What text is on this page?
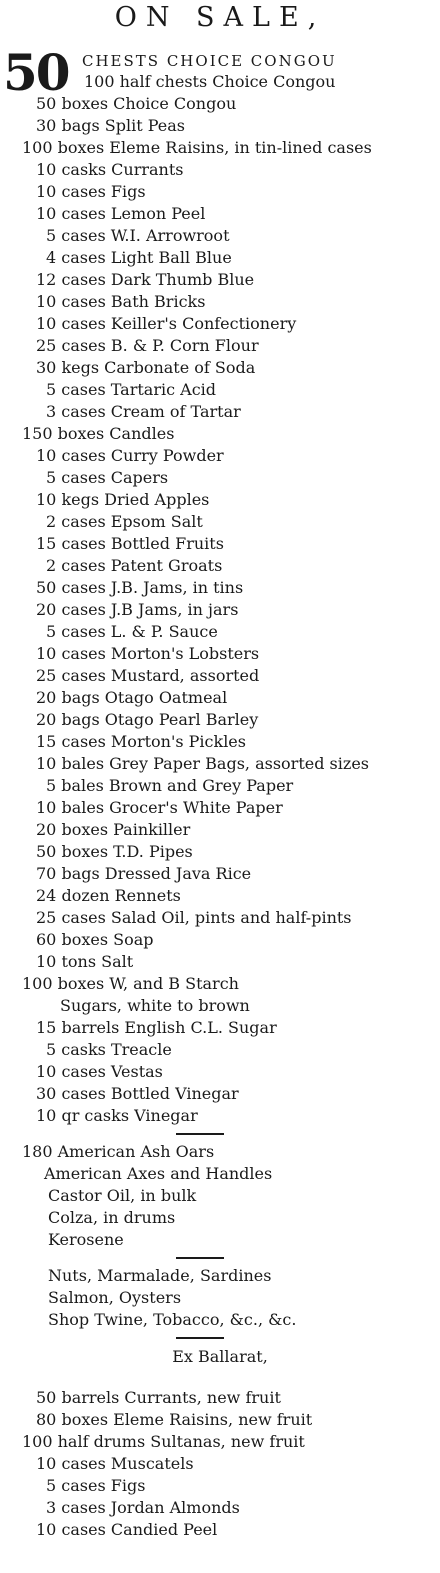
ON SALE,
50 CHESTS CHOICE CONGOU
100 half chests Choice Congou
50 boxes Choice Congou
30 bags Split Peas
100 boxes Eleme Raisins, in tin-lined cases
10 casks Currants
10 cases Figs
10 cases Lemon Peel
5 cases W.I. Arrowroot
4 cases Light Ball Blue
12 cases Dark Thumb Blue
10 cases Bath Bricks
10 cases Keiller's Confectionery
25 cases B. & P. Corn Flour
30 kegs Carbonate of Soda
5 cases Tartaric Acid
3 cases Cream of Tartar
150 boxes Candles
10 cases Curry Powder
5 cases Capers
10 kegs Dried Apples
2 cases Epsom Salt
15 cases Bottled Fruits
2 cases Patent Groats
50 cases J.B. Jams, in tins
20 cases J.B Jams, in jars
5 cases L. & P. Sauce
10 cases Morton's Lobsters
25 cases Mustard, assorted
20 bags Otago Oatmeal
20 bags Otago Pearl Barley
15 cases Morton's Pickles
10 bales Grey Paper Bags, assorted sizes
5 bales Brown and Grey Paper
10 bales Grocer's White Paper
20 boxes Painkiller
50 boxes T.D. Pipes
70 bags Dressed Java Rice
24 dozen Rennets
25 cases Salad Oil, pints and half-pints
60 boxes Soap
10 tons Salt
100 boxes W, and B Starch
Sugars, white to brown
15 barrels English C.L. Sugar
5 casks Treacle
10 cases Vestas
30 cases Bottled Vinegar
10 qr casks Vinegar
180 American Ash Oars
American Axes and Handles
Castor Oil, in bulk
Colza, in drums
Kerosene
Nuts, Marmalade, Sardines
Salmon, Oysters
Shop Twine, Tobacco, &c., &c.
Ex Ballarat,
50 barrels Currants, new fruit
80 boxes Eleme Raisins, new fruit
100 half drums Sultanas, new fruit
10 cases Muscatels
5 cases Figs
3 cases Jordan Almonds
10 cases Candied Peel
